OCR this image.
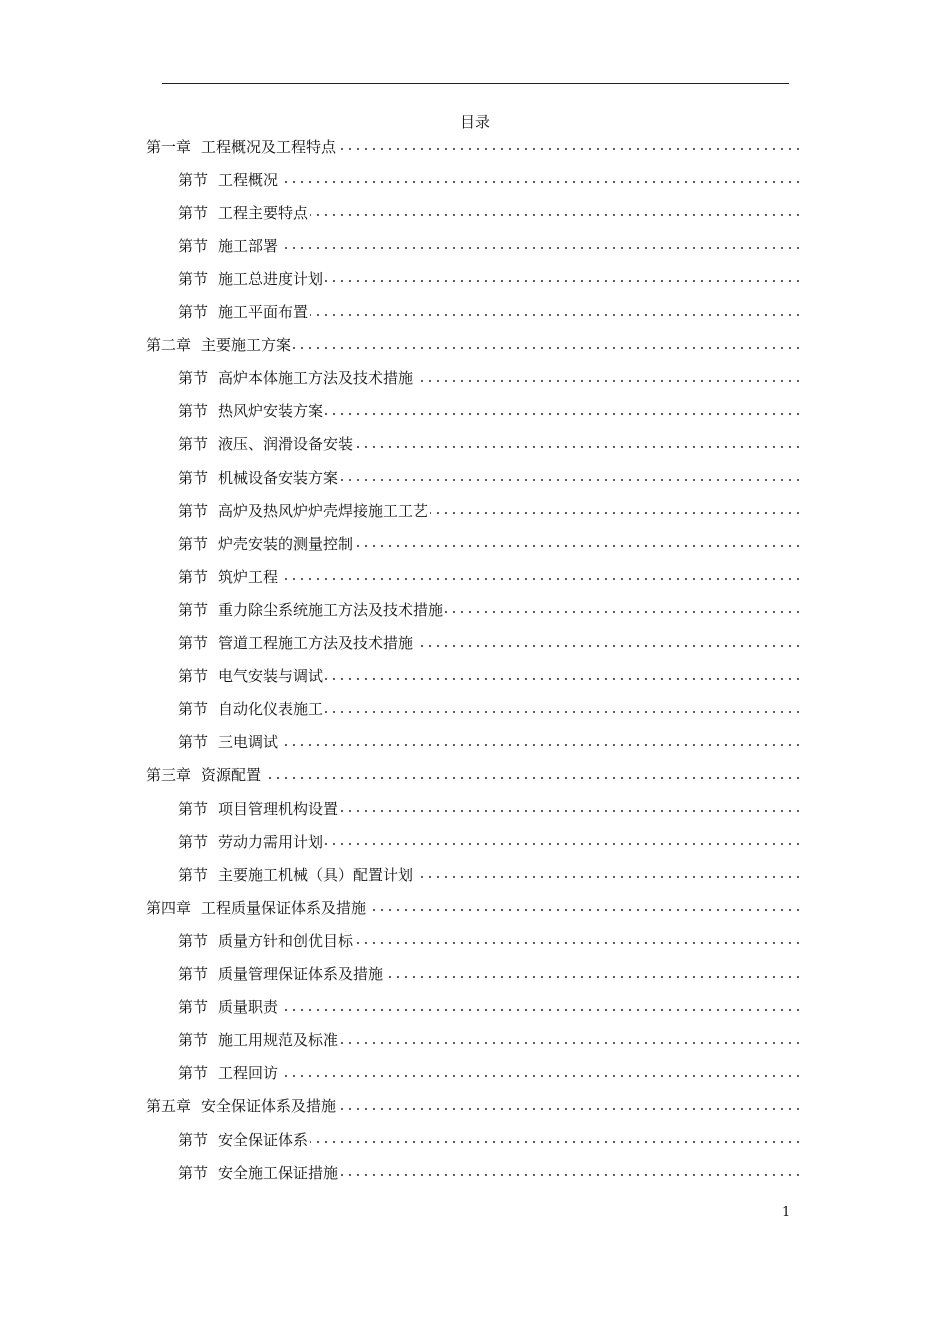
目录
第一章 工程概况及工程特点
第节 工程概况
第节 工程主要特点
第节 施工部署
第节 施工总进度计划
第节 施工平面布置
第二章 主要施工方案
第节 高炉本体施工方法及技术措施
第节 热风炉安装方案
第节 液压、润滑设备安装
第节 机械设备安装方案
第节 高炉及热风炉炉壳焊接施工工艺
第节 炉壳安装的测量控制
第节 筑炉工程
第节 重力除尘系统施工方法及技术措施
第节 管道工程施工方法及技术措施
第节 电气安装与调试
第节 自动化仪表施工
第节 三电调试
第三章 资源配置
第节 项目管理机构设置
第节 劳动力需用计划
第节 主要施工机械（具）配置计划
第四章 工程质量保证体系及措施
第节 质量方针和创优目标
第节 质量管理保证体系及措施
第节 质量职责
第节 施工用规范及标准
第节 工程回访
第五章 安全保证体系及措施
第节 安全保证体系
第节 安全施工保证措施
1
